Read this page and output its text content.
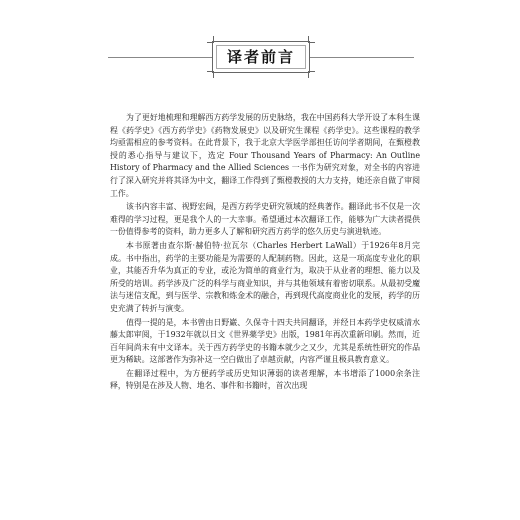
译者前言

为了更好地梳理和理解西方药学发展的历史脉络，我在中国药科大学开设了本科生课程《药学史》《西方药学史》《药物发展史》以及研究生课程《药学史》。这些课程的教学均亟需相应的参考资料。在此背景下，我于北京大学医学部担任访问学者期间，在甄橙教授的悉心指导与建议下，选定 Four Thousand Years of Pharmacy: An Outline History of Pharmacy and the Allied Sciences 一书作为研究对象，对全书的内容进行了深入研究并将其译为中文，翻译工作得到了甄橙教授的大力支持，她还亲自做了审阅工作。

该书内容丰富、视野宏阔，是西方药学史研究领域的经典著作。翻译此书不仅是一次难得的学习过程，更是我个人的一大幸事。希望通过本次翻译工作，能够为广大读者提供一份值得参考的资料，助力更多人了解和研究西方药学的悠久历史与演进轨迹。

本书原著由查尔斯·赫伯特·拉瓦尔（Charles Herbert LaWall）于1926年8月完成。书中指出，药学的主要功能是为需要的人配制药物。因此，这是一项高度专业化的职业，其能否升华为真正的专业，或沦为简单的商业行为，取决于从业者的理想、能力以及所受的培训。药学涉及广泛的科学与商业知识，并与其他领域有着密切联系。从最初受魔法与迷信支配，到与医学、宗教和炼金术的融合，再到现代高度商业化的发展，药学的历史充满了转折与演变。

值得一提的是，本书曾由日野巌、久保寺十四夫共同翻译，并经日本药学史权威清水藤太郎审阅，于1932年就以日文《世界薬学史》出版，1981年再次重新印刷。然而，近百年间尚未有中文译本。关于西方药学史的书籍本就少之又少，尤其是系统性研究的作品更为稀缺。这部著作为弥补这一空白做出了卓越贡献，内容严谨且极具教育意义。

在翻译过程中，为方便药学或历史知识薄弱的读者理解，本书增添了1000余条注释，特别是在涉及人物、地名、事件和书籍时，首次出现
